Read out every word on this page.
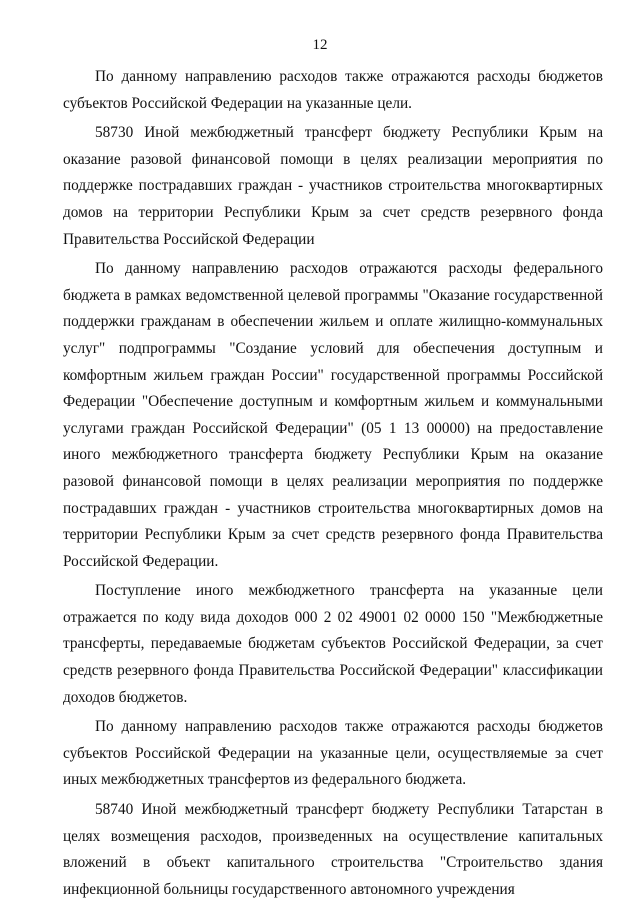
12

По данному направлению расходов также отражаются расходы бюджетов субъектов Российской Федерации на указанные цели.

58730 Иной межбюджетный трансферт бюджету Республики Крым на оказание разовой финансовой помощи в целях реализации мероприятия по поддержке пострадавших граждан - участников строительства многоквартирных домов на территории Республики Крым за счет средств резервного фонда Правительства Российской Федерации

По данному направлению расходов отражаются расходы федерального бюджета в рамках ведомственной целевой программы "Оказание государственной поддержки гражданам в обеспечении жильем и оплате жилищно-коммунальных услуг" подпрограммы "Создание условий для обеспечения доступным и комфортным жильем граждан России" государственной программы Российской Федерации "Обеспечение доступным и комфортным жильем и коммунальными услугами граждан Российской Федерации" (05 1 13 00000) на предоставление иного межбюджетного трансферта бюджету Республики Крым на оказание разовой финансовой помощи в целях реализации мероприятия по поддержке пострадавших граждан - участников строительства многоквартирных домов на территории Республики Крым за счет средств резервного фонда Правительства Российской Федерации.

Поступление иного межбюджетного трансферта на указанные цели отражается по коду вида доходов 000 2 02 49001 02 0000 150 "Межбюджетные трансферты, передаваемые бюджетам субъектов Российской Федерации, за счет средств резервного фонда Правительства Российской Федерации" классификации доходов бюджетов.

По данному направлению расходов также отражаются расходы бюджетов субъектов Российской Федерации на указанные цели, осуществляемые за счет иных межбюджетных трансфертов из федерального бюджета.

58740 Иной межбюджетный трансферт бюджету Республики Татарстан в целях возмещения расходов, произведенных на осуществление капитальных вложений в объект капитального строительства "Строительство здания инфекционной больницы государственного автономного учреждения
